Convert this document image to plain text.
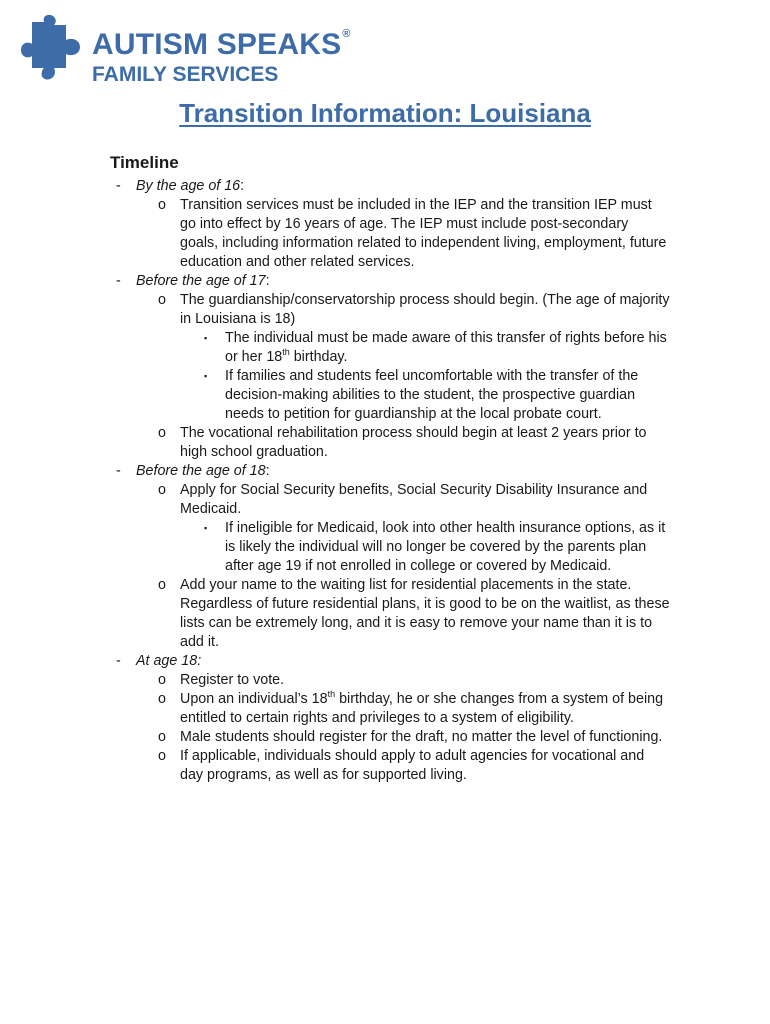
AUTISM SPEAKS®
FAMILY SERVICES
Transition Information: Louisiana
Timeline
- By the age of 16:
o Transition services must be included in the IEP and the transition IEP must go into effect by 16 years of age. The IEP must include post-secondary goals, including information related to independent living, employment, future education and other related services.
- Before the age of 17:
o The guardianship/conservatorship process should begin. (The age of majority in Louisiana is 18)
▪ The individual must be made aware of this transfer of rights before his or her 18th birthday.
▪ If families and students feel uncomfortable with the transfer of the decision-making abilities to the student, the prospective guardian needs to petition for guardianship at the local probate court.
o The vocational rehabilitation process should begin at least 2 years prior to high school graduation.
- Before the age of 18:
o Apply for Social Security benefits, Social Security Disability Insurance and Medicaid.
▪ If ineligible for Medicaid, look into other health insurance options, as it is likely the individual will no longer be covered by the parents plan after age 19 if not enrolled in college or covered by Medicaid.
o Add your name to the waiting list for residential placements in the state. Regardless of future residential plans, it is good to be on the waitlist, as these lists can be extremely long, and it is easy to remove your name than it is to add it.
- At age 18:
o Register to vote.
o Upon an individual’s 18th birthday, he or she changes from a system of being entitled to certain rights and privileges to a system of eligibility.
o Male students should register for the draft, no matter the level of functioning.
o If applicable, individuals should apply to adult agencies for vocational and day programs, as well as for supported living.
